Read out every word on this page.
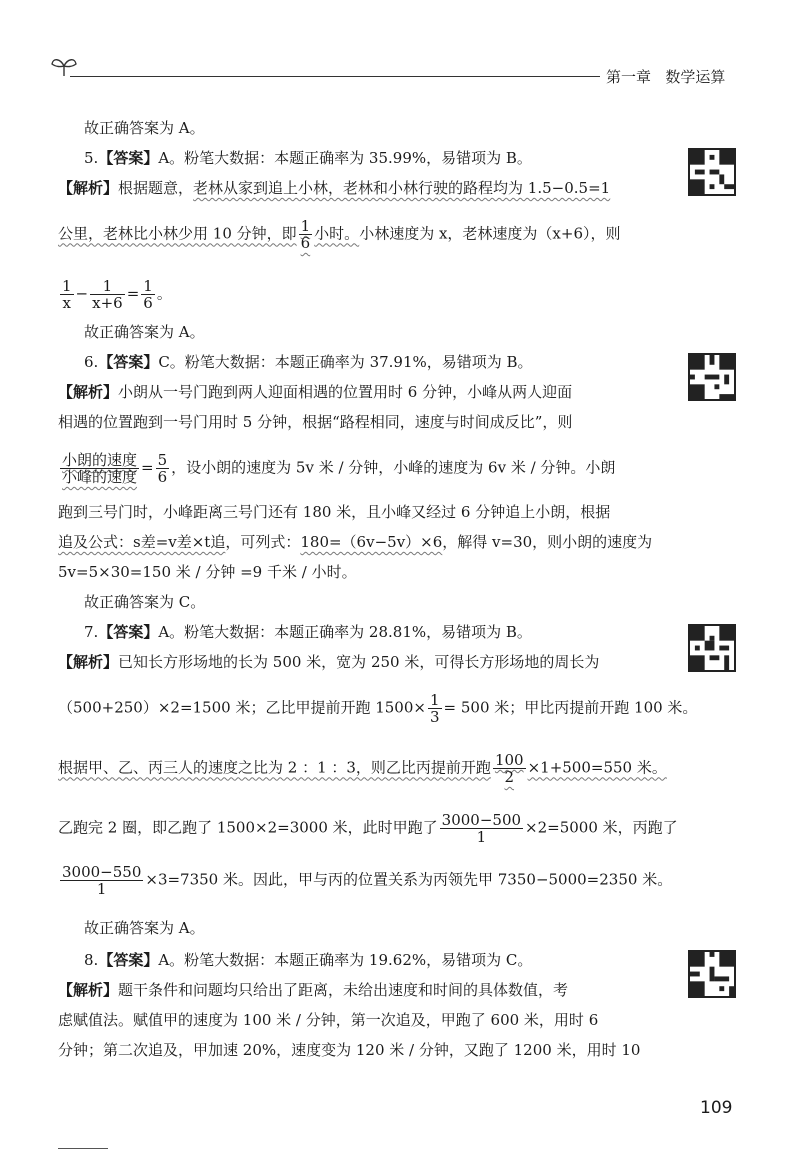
第一章 数学运算
故正确答案为 A。
5.【答案】A。粉笔大数据：本题正确率为 35.99%，易错项为 B。
【解析】根据题意，老林从家到追上小林，老林和小林行驶的路程均为 1.5−0.5=1
公里，老林比小林少用 10 分钟，即 $\frac{1}{6}$ 小时。小林速度为 x，老林速度为（x+6），则
$\frac{1}{x} - \frac{1}{x+6} = \frac{1}{6}$ 。
故正确答案为 A。
6.【答案】C。粉笔大数据：本题正确率为 37.91%，易错项为 B。
【解析】小朗从一号门跑到两人迎面相遇的位置用时 6 分钟，小峰从两人迎面
相遇的位置跑到一号门用时 5 分钟，根据“路程相同，速度与时间成反比”，则
$\frac{\text{小朗的速度}}{\text{小峰的速度}} = \frac{5}{6}$ ，设小朗的速度为 5v 米 / 分钟，小峰的速度为 6v 米 / 分钟。小朗
跑到三号门时，小峰距离三号门还有 180 米，且小峰又经过 6 分钟追上小朗，根据
追及公式：s差=v差×t追，可列式：180=（6v−5v）×6，解得 v=30，则小朗的速度为
5v=5×30=150 米 / 分钟 =9 千米 / 小时。
故正确答案为 C。
7.【答案】A。粉笔大数据：本题正确率为 28.81%，易错项为 B。
【解析】已知长方形场地的长为 500 米，宽为 250 米，可得长方形场地的周长为
（500+250）×2=1500 米；乙比甲提前开跑 $1500\times \frac{1}{3} = 500$ 米；甲比丙提前开跑 100 米。
根据甲、乙、丙三人的速度之比为 2 ：1 ：3，则乙比丙提前开跑 $\frac{100}{2} \times 1+500=550$ 米。
乙跑完 2 圈，即乙跑了 1500×2=3000 米，此时甲跑了 $\frac{3000-500}{1} \times 2=5000$ 米，丙跑了
$\frac{3000-550}{1} \times 3=7350$ 米。因此，甲与丙的位置关系为丙领先甲 7350−5000=2350 米。
故正确答案为 A。
8.【答案】A。粉笔大数据：本题正确率为 19.62%，易错项为 C。
【解析】题干条件和问题均只给出了距离，未给出速度和时间的具体数值，考
虑赋值法。赋值甲的速度为 100 米 / 分钟，第一次追及，甲跑了 600 米，用时 6
分钟；第二次追及，甲加速 20%，速度变为 120 米 / 分钟，又跑了 1200 米，用时 10
109
